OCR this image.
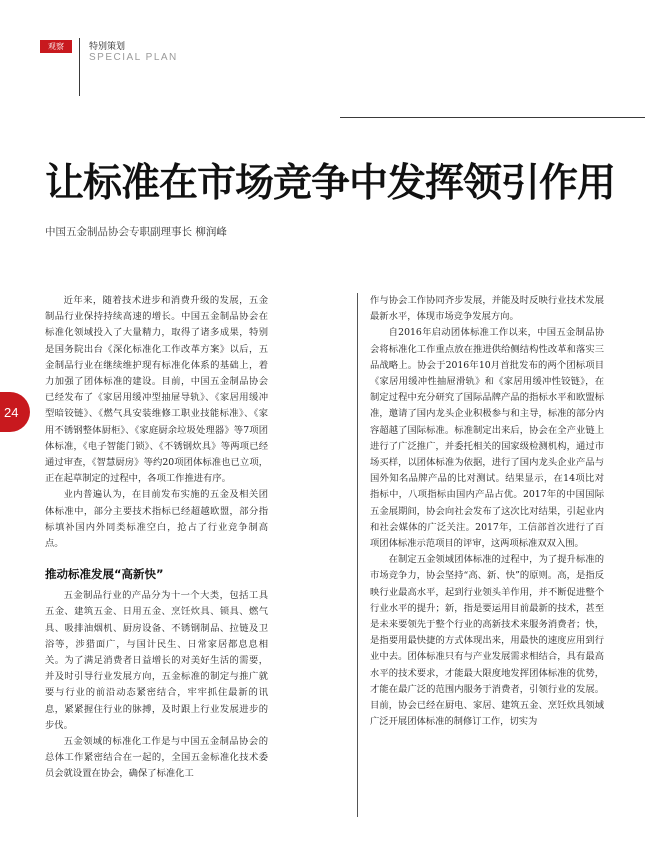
观察	特别策划
SPECIAL PLAN
让标准在市场竞争中发挥领引作用
中国五金制品协会专职副理事长 柳润峰
24

近年来，随着技术进步和消费升级的发展，五金制品行业保持持续高速的增长。中国五金制品协会在标准化领域投入了大量精力，取得了诸多成果，特别是国务院出台《深化标准化工作改革方案》以后，五金制品行业在继续维护现有标准化体系的基础上，着力加强了团体标准的建设。目前，中国五金制品协会已经发布了《家居用缓冲型抽屉导轨》、《家居用缓冲型暗铰链》、《燃气具安装维修工职业技能标准》、《家用不锈钢整体厨柜》、《家庭厨余垃圾处理器》等7项团体标准，《电子智能门锁》、《不锈钢炊具》等两项已经通过审查，《智慧厨房》等约20项团体标准也已立项，正在起草制定的过程中，各项工作推进有序。

业内普遍认为，在目前发布实施的五金及相关团体标准中，部分主要技术指标已经超越欧盟，部分指标填补国内外同类标准空白，抢占了行业竞争制高点。

推动标准发展“高新快”

五金制品行业的产品分为十一个大类，包括工具五金、建筑五金、日用五金、烹饪炊具、锁具、燃气具、吸排油烟机、厨房设备、不锈钢制品、拉链及卫浴等，涉猎面广，与国计民生、日常家居都息息相关。为了满足消费者日益增长的对美好生活的需要，并及时引导行业发展方向，五金标准的制定与推广就要与行业的前沿动态紧密结合，牢牢抓住最新的讯息，紧紧握住行业的脉搏，及时跟上行业发展进步的步伐。

五金领域的标准化工作是与中国五金制品协会的总体工作紧密结合在一起的，全国五金标准化技术委员会就设置在协会，确保了标准化工

作与协会工作协同齐步发展，并能及时反映行业技术发展最新水平，体现市场竞争发展方向。

自2016年启动团体标准工作以来，中国五金制品协会将标准化工作重点放在推进供给侧结构性改革和落实三品战略上。协会于2016年10月首批发布的两个团标项目《家居用缓冲性抽屉滑轨》和《家居用缓冲性铰链》，在制定过程中充分研究了国际品牌产品的指标水平和欧盟标准，邀请了国内龙头企业积极参与和主导，标准的部分内容超越了国际标准。标准制定出来后，协会在全产业链上进行了广泛推广，并委托相关的国家级检测机构，通过市场买样，以团体标准为依据，进行了国内龙头企业产品与国外知名品牌产品的比对测试。结果显示，在14项比对指标中，八项指标由国内产品占优。2017年的中国国际五金展期间，协会向社会发布了这次比对结果，引起业内和社会媒体的广泛关注。2017年，工信部首次进行了百项团体标准示范项目的评审，这两项标准双双入围。

在制定五金领域团体标准的过程中，为了提升标准的市场竞争力，协会坚持“高、新、快”的原则。高，是指反映行业最高水平，起到行业领头羊作用，并不断促进整个行业水平的提升；新，指是要运用目前最新的技术，甚至是未来要领先于整个行业的高新技术来服务消费者；快，是指要用最快捷的方式体现出来，用最快的速度应用到行业中去。团体标准只有与产业发展需求相结合，具有最高水平的技术要求，才能最大限度地发挥团体标准的优势，才能在最广泛的范围内服务于消费者，引领行业的发展。目前，协会已经在厨电、家居、建筑五金、烹饪炊具领域广泛开展团体标准的制修订工作，切实为
